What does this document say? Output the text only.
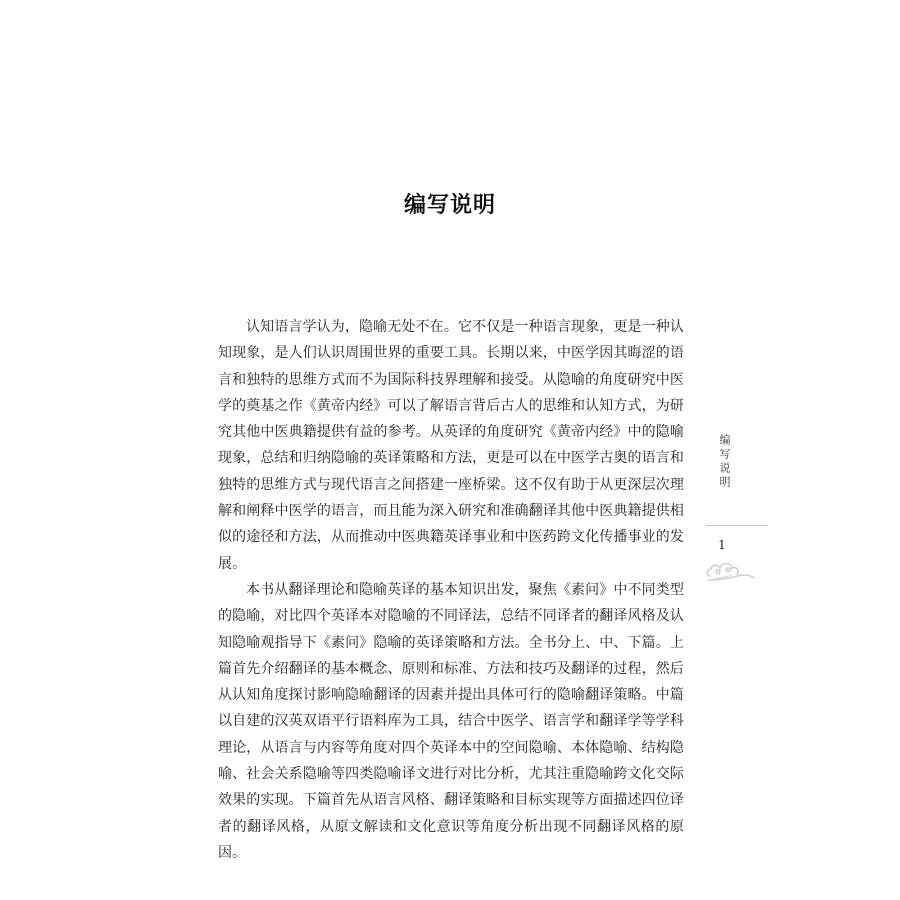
编写说明

认知语言学认为，隐喻无处不在。它不仅是一种语言现象，更是一种认知现象，是人们认识周围世界的重要工具。长期以来，中医学因其晦涩的语言和独特的思维方式而不为国际科技界理解和接受。从隐喻的角度研究中医学的奠基之作《黄帝内经》可以了解语言背后古人的思维和认知方式，为研究其他中医典籍提供有益的参考。从英译的角度研究《黄帝内经》中的隐喻现象，总结和归纳隐喻的英译策略和方法，更是可以在中医学古奥的语言和独特的思维方式与现代语言之间搭建一座桥梁。这不仅有助于从更深层次理解和阐释中医学的语言，而且能为深入研究和准确翻译其他中医典籍提供相似的途径和方法，从而推动中医典籍英译事业和中医药跨文化传播事业的发展。

本书从翻译理论和隐喻英译的基本知识出发，聚焦《素问》中不同类型的隐喻，对比四个英译本对隐喻的不同译法，总结不同译者的翻译风格及认知隐喻观指导下《素问》隐喻的英译策略和方法。全书分上、中、下篇。上篇首先介绍翻译的基本概念、原则和标准、方法和技巧及翻译的过程，然后从认知角度探讨影响隐喻翻译的因素并提出具体可行的隐喻翻译策略。中篇以自建的汉英双语平行语料库为工具，结合中医学、语言学和翻译学等学科理论，从语言与内容等角度对四个英译本中的空间隐喻、本体隐喻、结构隐喻、社会关系隐喻等四类隐喻译文进行对比分析，尤其注重隐喻跨文化交际效果的实现。下篇首先从语言风格、翻译策略和目标实现等方面描述四位译者的翻译风格，从原文解读和文化意识等角度分析出现不同翻译风格的原因。

编写说明
1
